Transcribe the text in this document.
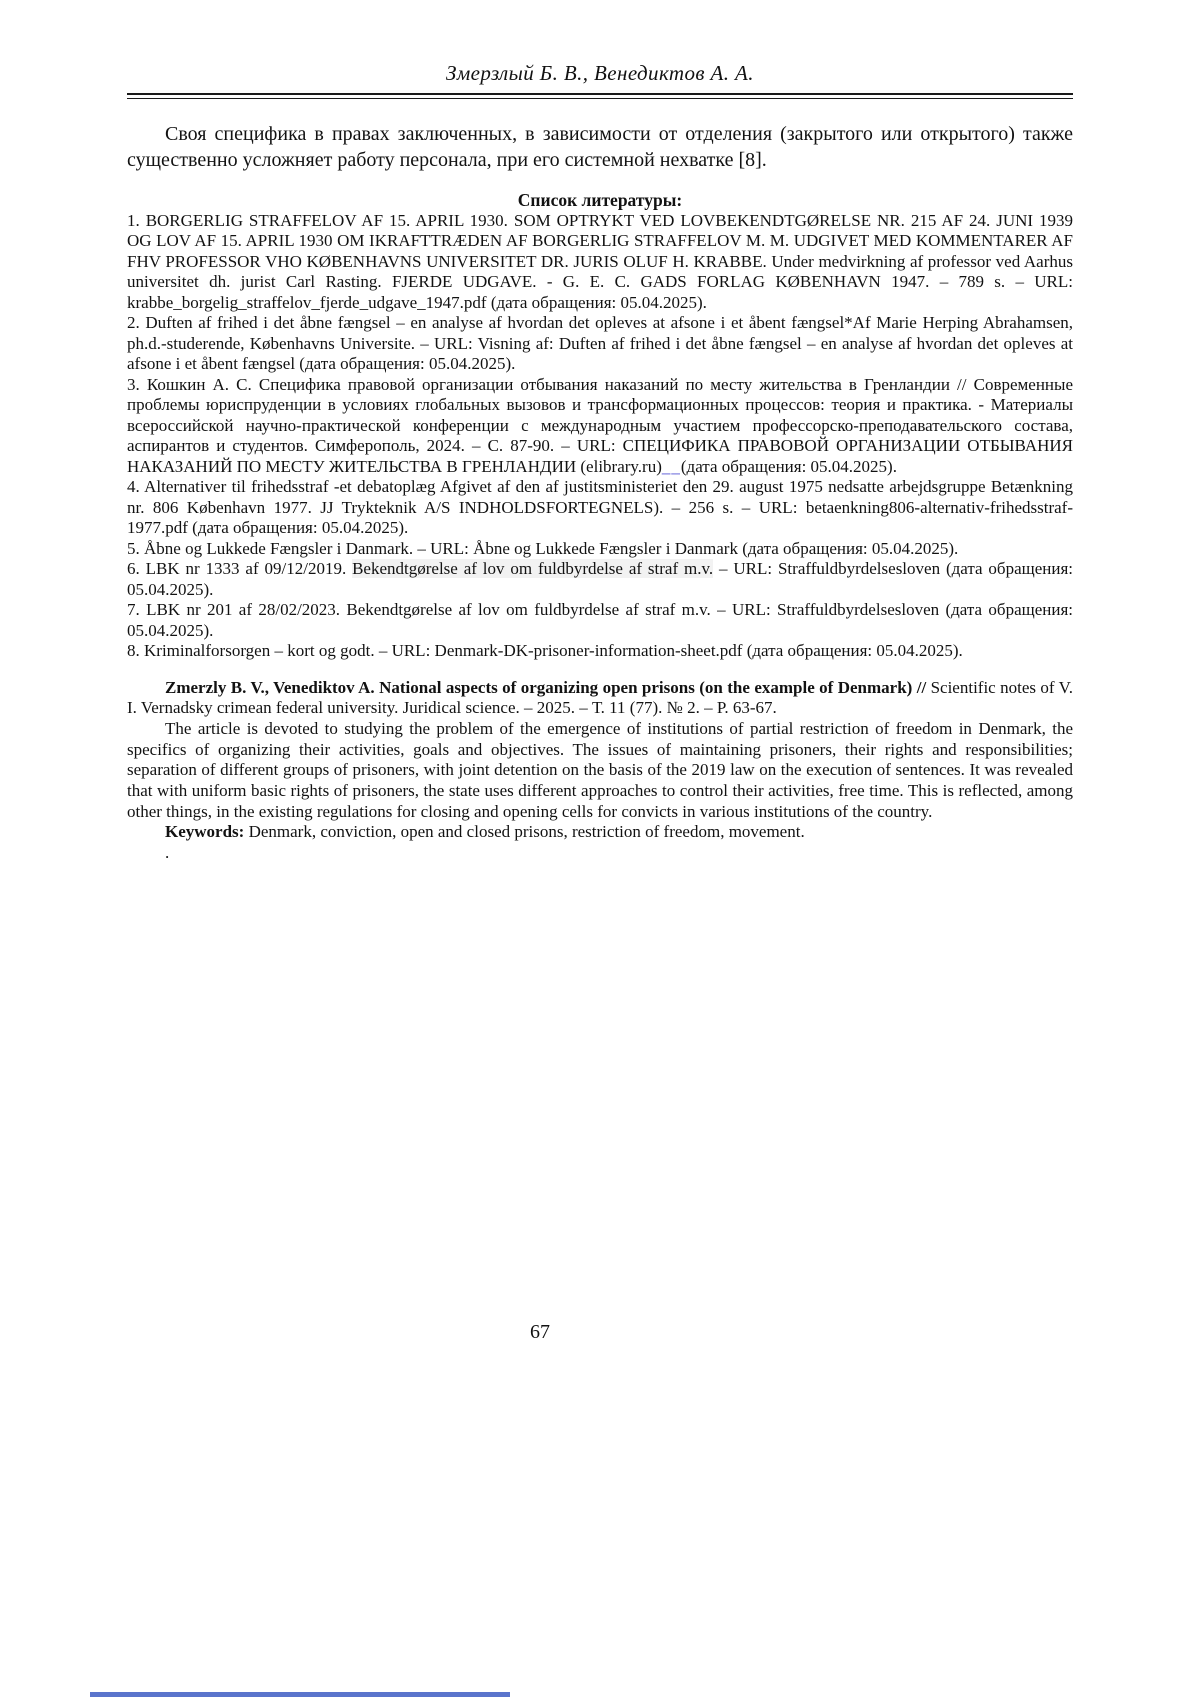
Змерзлый Б. В., Венедиктов А. А.

Своя специфика в правах заключенных, в зависимости от отделения (закрытого или открытого) также существенно усложняет работу персонала, при его системной нехватке [8].

Список литературы:

1. BORGERLIG STRAFFELOV AF 15. APRIL 1930. SOM OPTRYKT VED LOVBEKENDTGØRELSE NR. 215 AF 24. JUNI 1939 OG LOV AF 15. APRIL 1930 OM IKRAFTTRÆDEN AF BORGERLIG STRAFFELOV M. M. UDGIVET MED KOMMENTARER AF FHV PROFESSOR VHO KØBENHAVNS UNIVERSITET DR. JURIS OLUF H. KRABBE. Under medvirkning af professor ved Aarhus universitet dh. jurist Carl Rasting. FJERDE UDGAVE. - G. E. C. GADS FORLAG KØBENHAVN 1947. – 789 s. – URL: krabbe_borgelig_straffelov_fjerde_udgave_1947.pdf (дата обращения: 05.04.2025).

2. Duften af frihed i det åbne fængsel – en analyse af hvordan det opleves at afsone i et åbent fængsel*Af Marie Herping Abrahamsen, ph.d.-studerende, Københavns Universite. – URL: Visning af: Duften af frihed i det åbne fængsel – en analyse af hvordan det opleves at afsone i et åbent fængsel (дата обращения: 05.04.2025).

3. Кошкин А. С. Специфика правовой организации отбывания наказаний по месту жительства в Гренландии // Современные проблемы юриспруденции в условиях глобальных вызовов и трансформационных процессов: теория и практика. - Материалы всероссийской научно-практической конференции с международным участием профессорско-преподавательского состава, аспирантов и студентов. Симферополь, 2024. – С. 87-90. – URL: СПЕЦИФИКА ПРАВОВОЙ ОРГАНИЗАЦИИ ОТБЫВАНИЯ НАКАЗАНИЙ ПО МЕСТУ ЖИТЕЛЬСТВА В ГРЕНЛАНДИИ (elibrary.ru)__(дата обращения: 05.04.2025).

4. Alternativer til frihedsstraf -et debatoplæg Afgivet af den af justitsministeriet den 29. august 1975 nedsatte arbejdsgruppe Betænkning nr. 806 København 1977. JJ Trykteknik A/S INDHOLDSFORTEGNELS). – 256 s. – URL: betaenkning806-alternativ-frihedsstraf-1977.pdf (дата обращения: 05.04.2025).

5. Åbne og Lukkede Fængsler i Danmark. – URL: Åbne og Lukkede Fængsler i Danmark (дата обращения: 05.04.2025).

6. LBK nr 1333 af 09/12/2019. Bekendtgørelse af lov om fuldbyrdelse af straf m.v. – URL: Straffuldbyrdelsesloven (дата обращения: 05.04.2025).

7. LBK nr 201 af 28/02/2023. Bekendtgørelse af lov om fuldbyrdelse af straf m.v. – URL: Straffuldbyrdelsesloven (дата обращения: 05.04.2025).

8. Kriminalforsorgen – kort og godt. – URL: Denmark-DK-prisoner-information-sheet.pdf (дата обращения: 05.04.2025).

Zmerzly B. V., Venediktov A. National aspects of organizing open prisons (on the example of Denmark) // Scientific notes of V. I. Vernadsky crimean federal university. Juridical science. – 2025. – Т. 11 (77). № 2. – P. 63-67.

The article is devoted to studying the problem of the emergence of institutions of partial restriction of freedom in Denmark, the specifics of organizing their activities, goals and objectives. The issues of maintaining prisoners, their rights and responsibilities; separation of different groups of prisoners, with joint detention on the basis of the 2019 law on the execution of sentences. It was revealed that with uniform basic rights of prisoners, the state uses different approaches to control their activities, free time. This is reflected, among other things, in the existing regulations for closing and opening cells for convicts in various institutions of the country.

Keywords: Denmark, conviction, open and closed prisons, restriction of freedom, movement.

.

67
